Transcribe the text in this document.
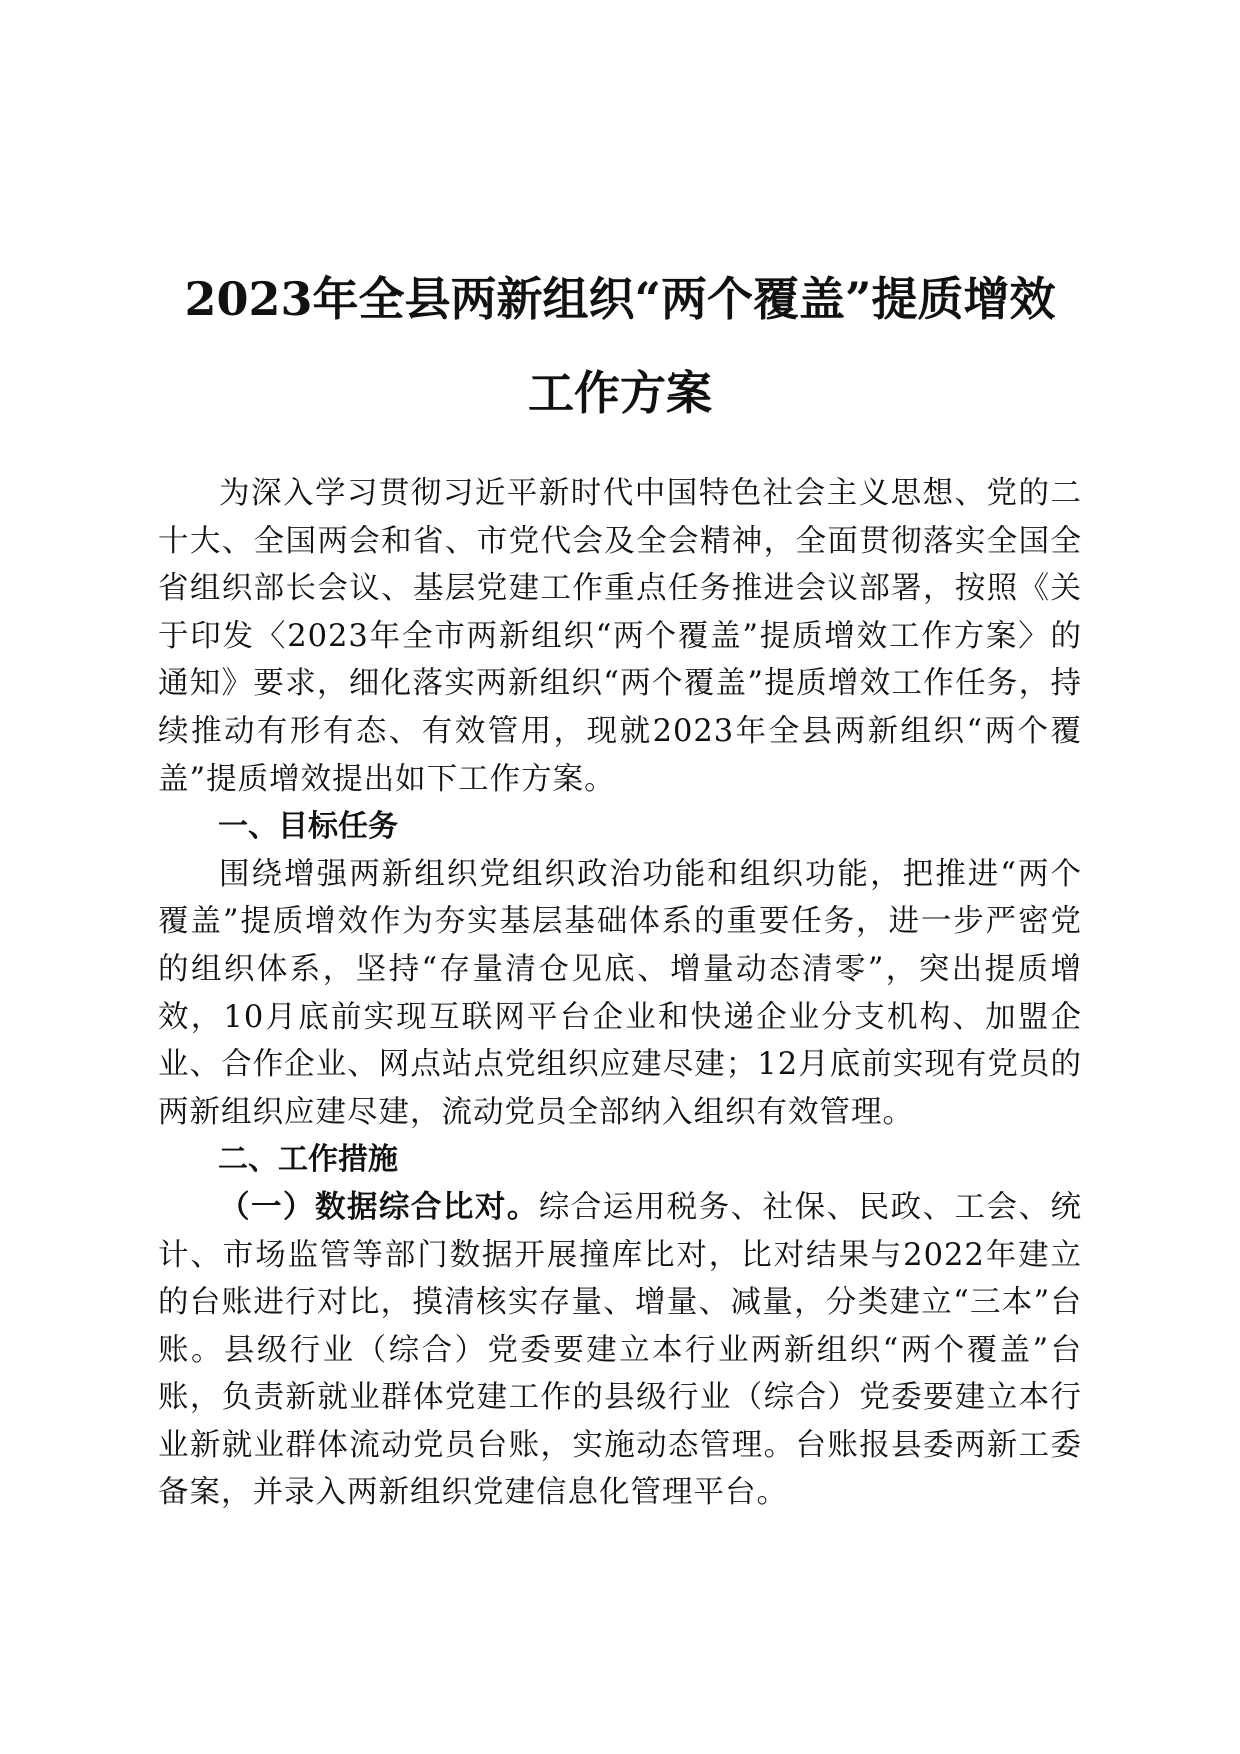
2023年全县两新组织“两个覆盖”提质增效
工作方案

为深入学习贯彻习近平新时代中国特色社会主义思想、党的二十大、全国两会和省、市党代会及全会精神，全面贯彻落实全国全省组织部长会议、基层党建工作重点任务推进会议部署，按照《关于印发〈2023年全市两新组织“两个覆盖”提质增效工作方案〉的通知》要求，细化落实两新组织“两个覆盖”提质增效工作任务，持续推动有形有态、有效管用，现就2023年全县两新组织“两个覆盖”提质增效提出如下工作方案。

一、目标任务

围绕增强两新组织党组织政治功能和组织功能，把推进“两个覆盖”提质增效作为夯实基层基础体系的重要任务，进一步严密党的组织体系，坚持“存量清仓见底、增量动态清零”，突出提质增效，10月底前实现互联网平台企业和快递企业分支机构、加盟企业、合作企业、网点站点党组织应建尽建；12月底前实现有党员的两新组织应建尽建，流动党员全部纳入组织有效管理。

二、工作措施

（一）数据综合比对。综合运用税务、社保、民政、工会、统计、市场监管等部门数据开展撞库比对，比对结果与2022年建立的台账进行对比，摸清核实存量、增量、减量，分类建立“三本”台账。县级行业（综合）党委要建立本行业两新组织“两个覆盖”台账，负责新就业群体党建工作的县级行业（综合）党委要建立本行业新就业群体流动党员台账，实施动态管理。台账报县委两新工委备案，并录入两新组织党建信息化管理平台。
